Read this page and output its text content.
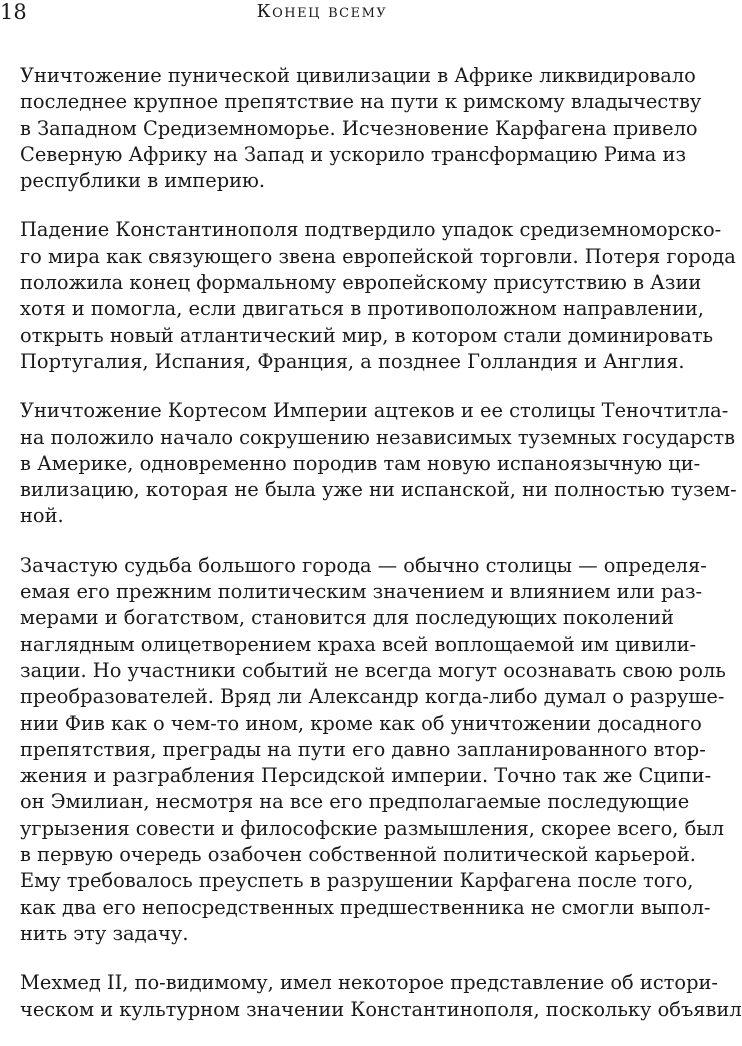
18	Конец всему

Уничтожение пунической цивилизации в Африке ликвидировало
последнее крупное препятствие на пути к римскому владычеству
в Западном Средиземноморье. Исчезновение Карфагена привело
Северную Африку на Запад и ускорило трансформацию Рима из
республики в империю.

Падение Константинополя подтвердило упадок средиземноморско-
го мира как связующего звена европейской торговли. Потеря города
положила конец формальному европейскому присутствию в Азии
хотя и помогла, если двигаться в противоположном направлении,
открыть новый атлантический мир, в котором стали доминировать
Португалия, Испания, Франция, а позднее Голландия и Англия.

Уничтожение Кортесом Империи ацтеков и ее столицы Теночтитла-
на положило начало сокрушению независимых туземных государств
в Америке, одновременно породив там новую испаноязычную ци-
вилизацию, которая не была уже ни испанской, ни полностью тузем-
ной.

Зачастую судьба большого города — обычно столицы — определя-
емая его прежним политическим значением и влиянием или раз-
мерами и богатством, становится для последующих поколений
наглядным олицетворением краха всей воплощаемой им цивили-
зации. Но участники событий не всегда могут осознавать свою роль
преобразователей. Вряд ли Александр когда-либо думал о разруше-
нии Фив как о чем-то ином, кроме как об уничтожении досадного
препятствия, преграды на пути его давно запланированного втор-
жения и разграбления Персидской империи. Точно так же Сципи-
он Эмилиан, несмотря на все его предполагаемые последующие
угрызения совести и философские размышления, скорее всего, был
в первую очередь озабочен собственной политической карьерой.
Ему требовалось преуспеть в разрушении Карфагена после того,
как два его непосредственных предшественника не смогли выпол-
нить эту задачу.

Мехмед II, по-видимому, имел некоторое представление об истори-
ческом и культурном значении Константинополя, поскольку объявил
